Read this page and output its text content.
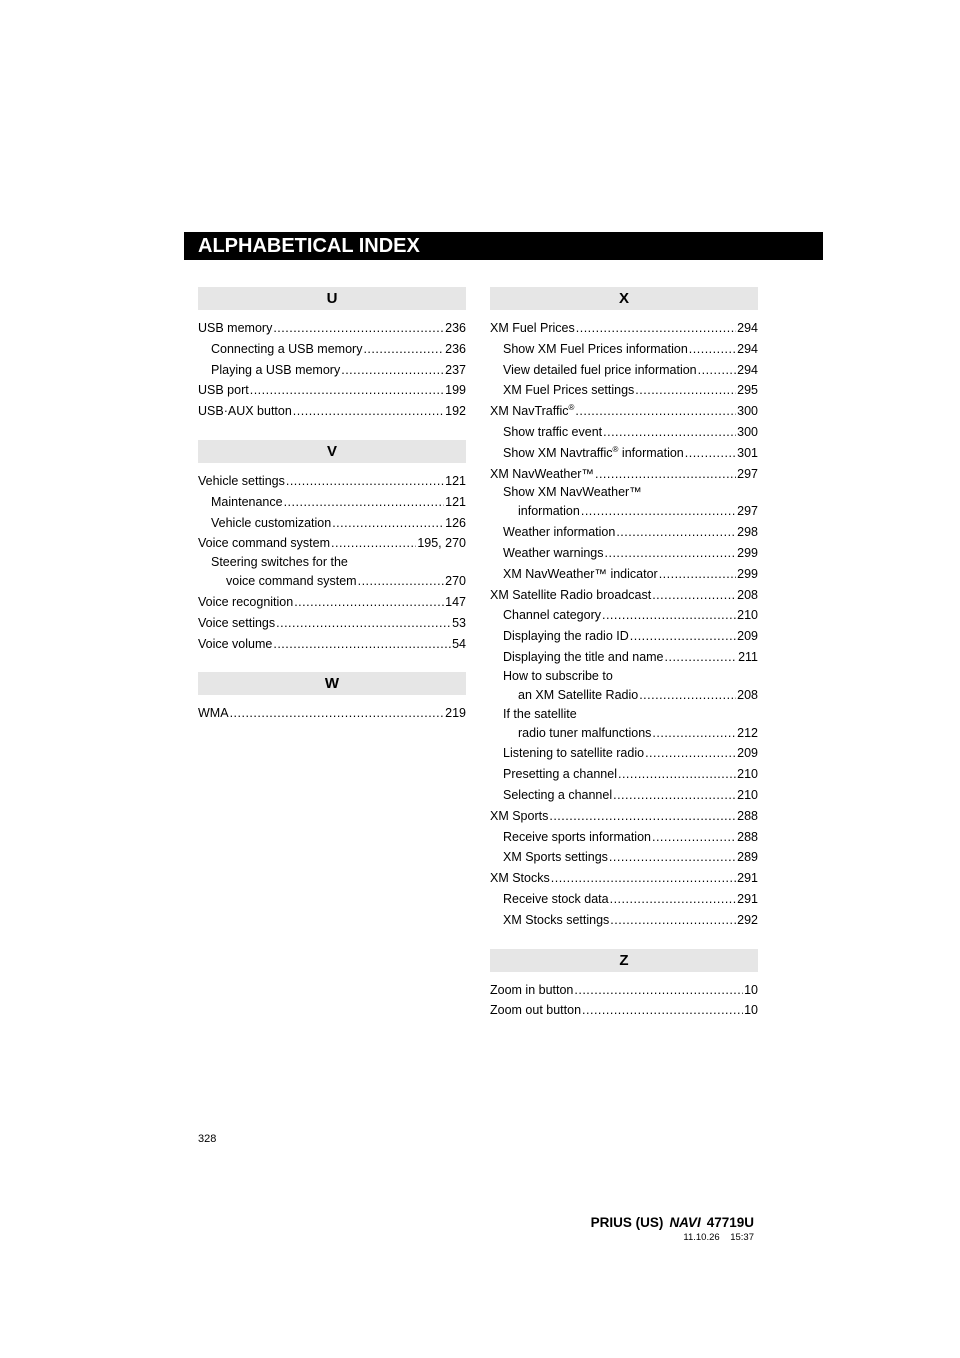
ALPHABETICAL INDEX
U
USB memory .....	236
Connecting a USB memory .....	236
Playing a USB memory .....	237
USB port .....	199
USB·AUX button .....	192
V
Vehicle settings .....	121
Maintenance .....	121
Vehicle customization .....	126
Voice command system .....	195, 270
Steering switches for the
voice command system .....	270
Voice recognition .....	147
Voice settings .....	53
Voice volume .....	54
W
WMA .....	219
X
XM Fuel Prices .....	294
Show XM Fuel Prices information .....	294
View detailed fuel price information .....	294
XM Fuel Prices settings .....	295
XM NavTraffic® .....	300
Show traffic event .....	300
Show XM Navtraffic® information .....	301
XM NavWeather™ .....	297
Show XM NavWeather™
information .....	297
Weather information .....	298
Weather warnings .....	299
XM NavWeather™ indicator .....	299
XM Satellite Radio broadcast .....	208
Channel category .....	210
Displaying the radio ID .....	209
Displaying the title and name .....	211
How to subscribe to
an XM Satellite Radio .....	208
If the satellite
radio tuner malfunctions .....	212
Listening to satellite radio .....	209
Presetting a channel .....	210
Selecting a channel .....	210
XM Sports .....	288
Receive sports information .....	288
XM Sports settings .....	289
XM Stocks .....	291
Receive stock data .....	291
XM Stocks settings .....	292
Z
Zoom in button .....	10
Zoom out button .....	10
328
PRIUS (US) NAVI 47719U
11.10.26 15:37
